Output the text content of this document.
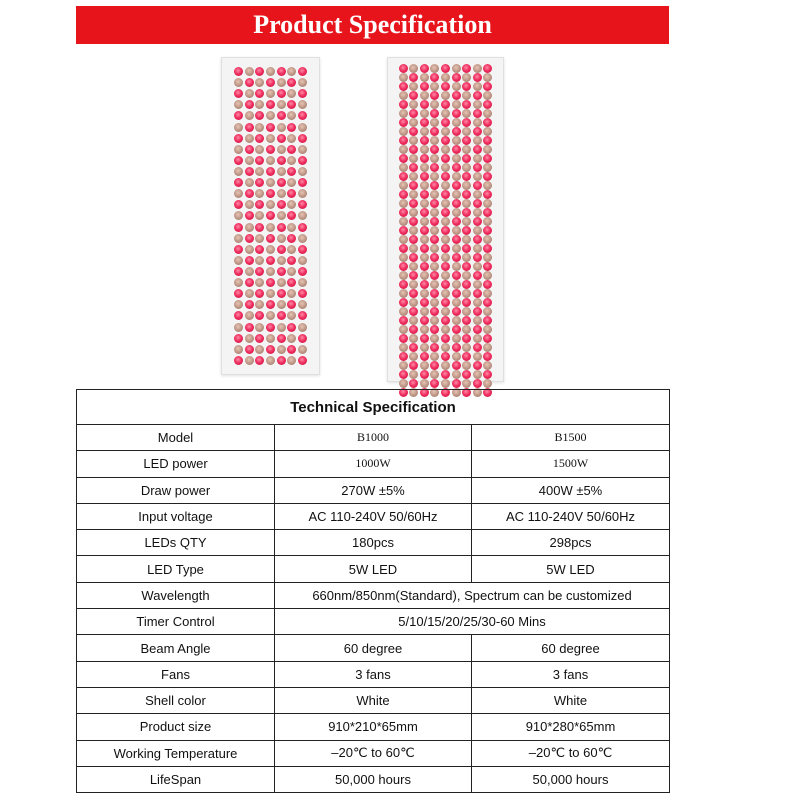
Product Specification
Technical Specification		
Model	B1000	B1500
LED power	1000W	1500W
Draw power	270W ±5%	400W ±5%
Input voltage	AC 110-240V 50/60Hz	AC 110-240V 50/60Hz
LEDs QTY	180pcs	298pcs
LED Type	5W LED	5W LED
Wavelength	660nm/850nm(Standard), Spectrum can be customized	
Timer Control	5/10/15/20/25/30-60 Mins	
Beam Angle	60 degree	60 degree
Fans	3 fans	3 fans
Shell color	White	White
Product size	910*210*65mm	910*280*65mm
Working Temperature	–20℃ to 60℃	–20℃ to 60℃
LifeSpan	50,000 hours	50,000 hours
